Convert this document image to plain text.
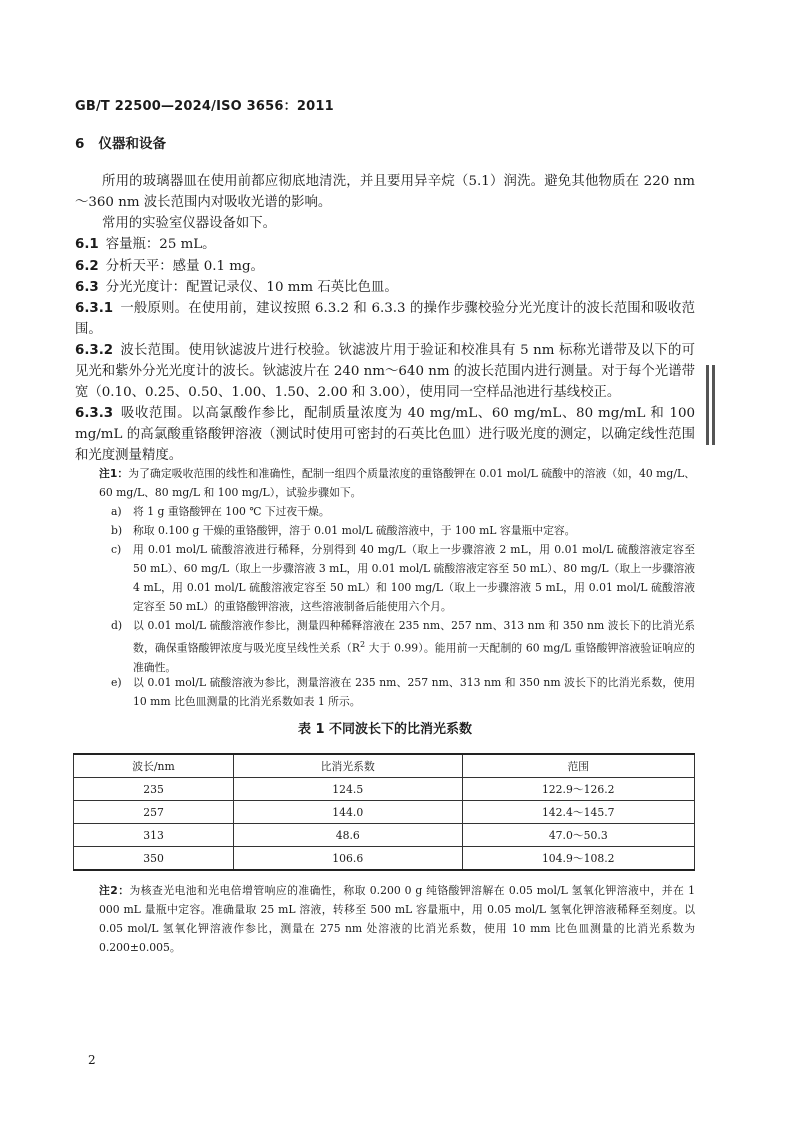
GB/T 22500—2024/ISO 3656：2011
6 仪器和设备
所用的玻璃器皿在使用前都应彻底地清洗，并且要用异辛烷（5.1）润洗。避免其他物质在 220 nm～360 nm 波长范围内对吸收光谱的影响。
常用的实验室仪器设备如下。
6.1 容量瓶：25 mL。
6.2 分析天平：感量 0.1 mg。
6.3 分光光度计：配置记录仪、10 mm 石英比色皿。
6.3.1 一般原则。在使用前，建议按照 6.3.2 和 6.3.3 的操作步骤校验分光光度计的波长范围和吸收范围。
6.3.2 波长范围。使用钬滤波片进行校验。钬滤波片用于验证和校准具有 5 nm 标称光谱带及以下的可见光和紫外分光光度计的波长。钬滤波片在 240 nm～640 nm 的波长范围内进行测量。对于每个光谱带宽（0.10、0.25、0.50、1.00、1.50、2.00 和 3.00），使用同一空样品池进行基线校正。
6.3.3 吸收范围。以高氯酸作参比，配制质量浓度为 40 mg/mL、60 mg/mL、80 mg/mL 和 100 mg/mL 的高氯酸重铬酸钾溶液（测试时使用可密封的石英比色皿）进行吸光度的测定，以确定线性范围和光度测量精度。
注1：为了确定吸收范围的线性和准确性，配制一组四个质量浓度的重铬酸钾在 0.01 mol/L 硫酸中的溶液（如，40 mg/L、60 mg/L、80 mg/L 和 100 mg/L），试验步骤如下。
a) 将 1 g 重铬酸钾在 100 ℃ 下过夜干燥。
b) 称取 0.100 g 干燥的重铬酸钾，溶于 0.01 mol/L 硫酸溶液中，于 100 mL 容量瓶中定容。
c) 用 0.01 mol/L 硫酸溶液进行稀释，分别得到 40 mg/L（取上一步骤溶液 2 mL，用 0.01 mol/L 硫酸溶液定容至 50 mL）、60 mg/L（取上一步骤溶液 3 mL，用 0.01 mol/L 硫酸溶液定容至 50 mL）、80 mg/L（取上一步骤溶液 4 mL，用 0.01 mol/L 硫酸溶液定容至 50 mL）和 100 mg/L（取上一步骤溶液 5 mL，用 0.01 mol/L 硫酸溶液定容至 50 mL）的重铬酸钾溶液，这些溶液制备后能使用六个月。
d) 以 0.01 mol/L 硫酸溶液作参比，测量四种稀释溶液在 235 nm、257 nm、313 nm 和 350 nm 波长下的比消光系数，确保重铬酸钾浓度与吸光度呈线性关系（$R^2$ 大于 0.99）。能用前一天配制的 60 mg/L 重铬酸钾溶液验证响应的准确性。
e) 以 0.01 mol/L 硫酸溶液为参比，测量溶液在 235 nm、257 nm、313 nm 和 350 nm 波长下的比消光系数，使用 10 mm 比色皿测量的比消光系数如表 1 所示。
表 1 不同波长下的比消光系数
波长/nm	比消光系数	范围
235	124.5	122.9～126.2
257	144.0	142.4～145.7
313	48.6	47.0～50.3
350	106.6	104.9～108.2
注2：为核查光电池和光电倍增管响应的准确性，称取 0.200 0 g 纯铬酸钾溶解在 0.05 mol/L 氢氧化钾溶液中，并在 1 000 mL 量瓶中定容。准确量取 25 mL 溶液，转移至 500 mL 容量瓶中，用 0.05 mol/L 氢氧化钾溶液稀释至刻度。以 0.05 mol/L 氢氧化钾溶液作参比，测量在 275 nm 处溶液的比消光系数，使用 10 mm 比色皿测量的比消光系数为 0.200±0.005。
2
